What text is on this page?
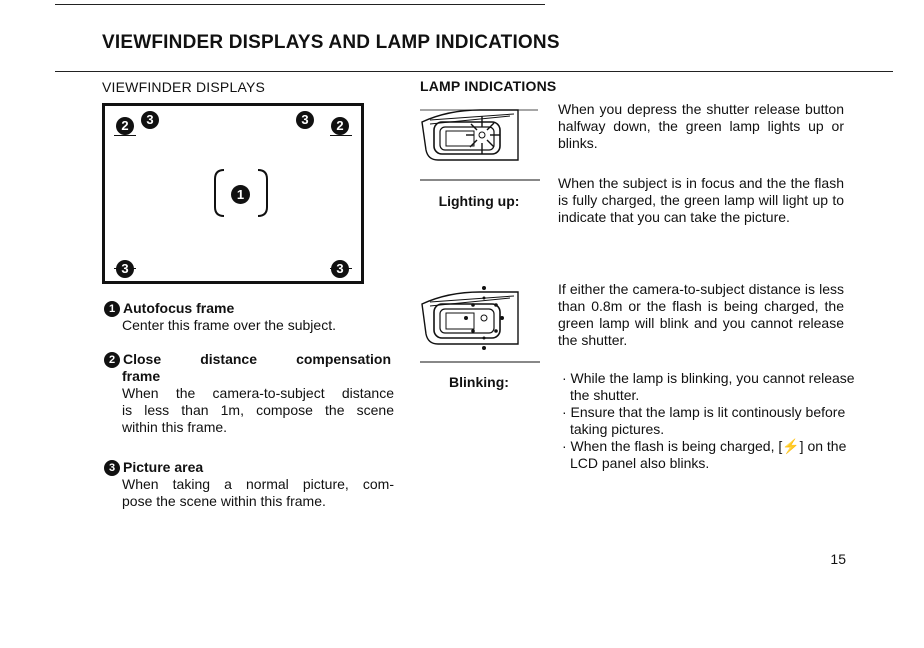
VIEWFINDER DISPLAYS AND LAMP INDICATIONS
VIEWFINDER DISPLAYS
2	3	3	2
1
3	3
1 Autofocus frame
Center this frame over the subject.
2 Close	distance	compensation
frame
When the camera-to-subject distance
is less than 1m, compose the scene
within this frame.
3 Picture area
When taking a normal picture, com-
pose the scene within this frame.
LAMP INDICATIONS
Lighting up:
When you depress the shutter release button halfway down, the green lamp lights up or blinks.
When the subject is in focus and the the flash is fully charged, the green lamp will light up to indicate that you can take the picture.
Blinking:
If either the camera-to-subject distance is less than 0.8m or the flash is being charged, the green lamp will blink and you cannot release the shutter.
· While the lamp is blinking, you cannot release the shutter.
· Ensure that the lamp is lit continously before taking pictures.
· When the flash is being charged, [⚡] on the LCD panel also blinks.
15
